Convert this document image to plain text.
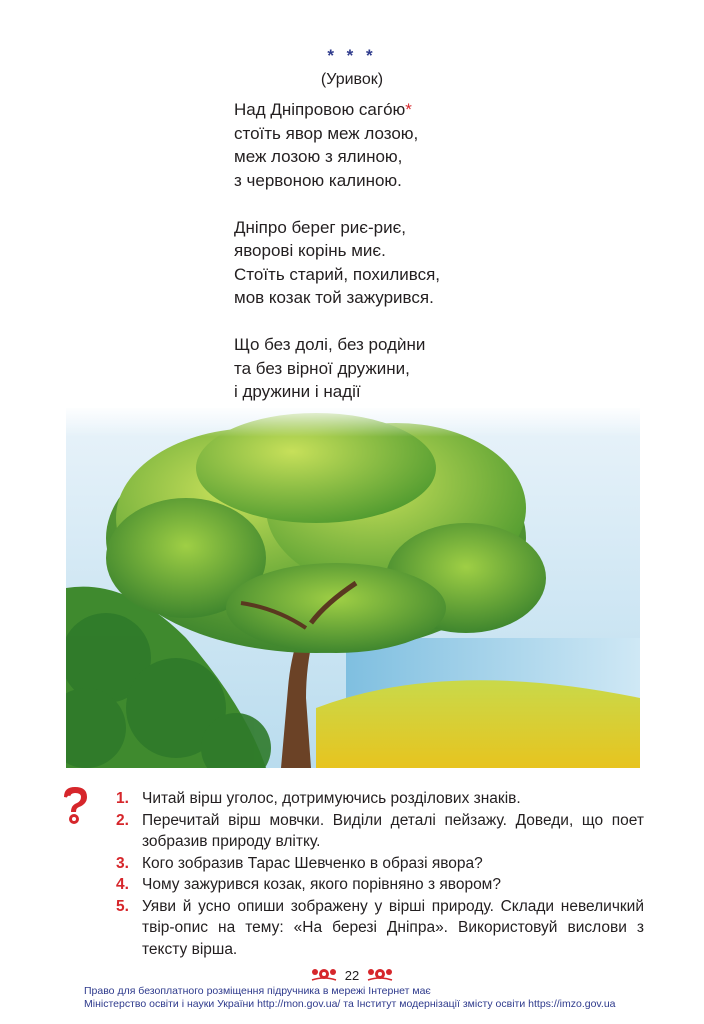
* * *
(Уривок)
Над Дніпровою сагóю*
стоїть явор меж лозою,
меж лозою з ялиною,
з червоною калиною.
Дніпро берег риє-риє,
яворові корінь миє.
Стоїть старий, похилився,
мов козак той зажурився.
Що без долі, без родѝни
та без вірної дружини,
і дружини і надії
1. Читай вірш уголос, дотримуючись розділових знаків.
2. Перечитай вірш мовчки. Виділи деталі пейзажу. Доведи, що поет зобразив природу влітку.
3. Кого зобразив Тарас Шевченко в образі явора?
4. Чому зажурився козак, якого порівняно з явором?
5. Уяви й усно опиши зображену у вірші природу. Склади невеличкий твір-опис на тему: «На березі Дніпра». Використовуй вислови з тексту вірша.
22
Право для безоплатного розміщення підручника в мережі Інтернет має
Міністерство освіти і науки України http://mon.gov.ua/ та Інститут модернізації змісту освіти https://imzo.gov.ua
